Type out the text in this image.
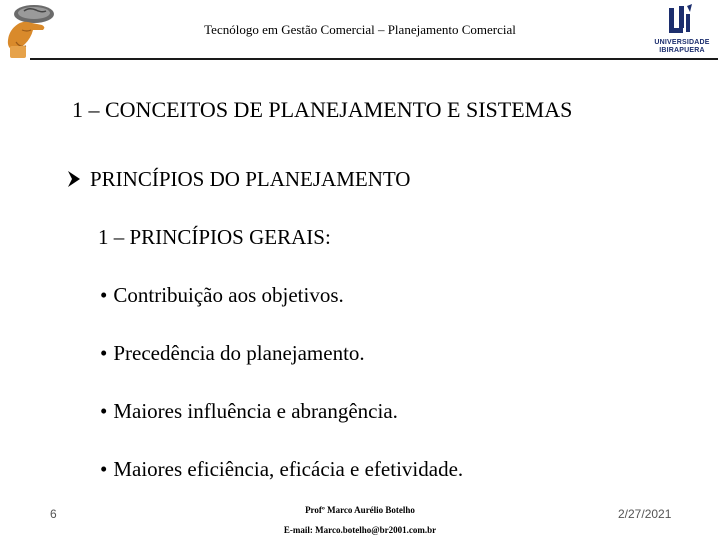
Tecnólogo em Gestão Comercial – Planejamento Comercial
UNIVERSIDADE
IBIRAPUERA
1 – CONCEITOS DE PLANEJAMENTO E SISTEMAS
PRINCÍPIOS DO PLANEJAMENTO
1 – PRINCÍPIOS GERAIS:
• Contribuição aos objetivos.
• Precedência do planejamento.
• Maiores influência e abrangência.
• Maiores eficiência, eficácia e efetividade.
6	Profº Marco Aurélio Botelho
E-mail: Marco.botelho@br2001.com.br
2/27/2021
